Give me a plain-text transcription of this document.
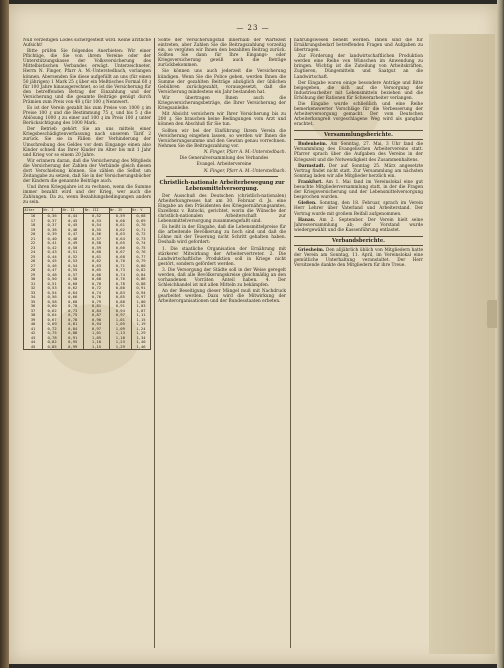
— 23 —

Null verzeitigen Lodes sichergestellt wird. Keine ärztliche Aufsicht!

Bitte prüfen Sie folgendes Anerbieten: Wir einer Pflichtige, die Sie von ihrem Vereine oder der Unterstützungskasse der Volksversicherung des Mittelbistischen Verbandes erwägt. Unterzeichneter, Herrn N. Finger, Pfarr A. M.-Unterstedbach, vorlangen können. Abersenden Sie diese aufgefüllt an uns (für einen 50 jährigen) 1 Mark 25 ₰ über ein Meßtisches Formal 60 ₰ für 100 Jahre hinausgerechnet, so ist die Versicherung für den betreffenden Betrag der Einzahlung und der Versicherung und die gesamte Beiträge genügt durch Prämien zum Preis von 48 ₰ für 100 ₰ Nennwert.

Es ist der Verein gezahlt bis zum Preise von 1000 ₰ im Preise 100 ₰ und die Bestimmung 75 ₰, und bis 5 ₰ die Ablösung 1000 ₰ zu einer auf 100 ₰ im Preis 100 ₰ unter Berücksichtigung des 1000 Mark.

Der Betrieb gehört Sie an uns mittels einer Kriegsbeschädigtenverfassung nach unserem Tarif 2 zurück. Sie sie in Fällen der Verhinderung der Umschreibung des Geldes vor dem Eingange einen also Kinder schnell das Ihrer Kinder im Alter bis mit 1 Jahr und Krieg vor so einem 20 Jahre.

Wir erinnern daran, daß die Versicherung des Mitglieds die Versicherung der Zahlen der Verbände gleich diesen dort Verschiebung können. Sie zählen die Selbst um Zeitangabe zu setzen, daß Sie in der Versicherungsbücher der Kindern die genannte Beiträge auch.

Und ihren Kriegsjahre ist zu rechnen, wenn die Summe immer bezahlt wird und der Krieg, wer auch die Zahlungen. Da zu, wenn Bezahlungsbedingungen anders zu sein.

Alter	Nr. I	Nr. II	Nr. III	Nr. IV	Nr. V
16	0,36	0,44	0,52	0,59	0,68
17	0,37	0,45	0,53	0,60	0,69
18	0,37	0,45	0,54	0,61	0,70
19	0,38	0,46	0,55	0,62	0,71
20	0,39	0,47	0,56	0,63	0,72
21	0,40	0,48	0,57	0,64	0,73
22	0,41	0,49	0,58	0,65	0,74
23	0,42	0,50	0,59	0,66	0,75
24	0,43	0,51	0,60	0,67	0,76
25	0,44	0,52	0,61	0,68	0,77
26	0,45	0,53	0,62	0,70	0,79
27	0,46	0,54	0,63	0,71	0,80
28	0,47	0,55	0,65	0,73	0,82
29	0,48	0,57	0,66	0,74	0,84
30	0,50	0,58	0,68	0,76	0,86
31	0,51	0,60	0,70	0,78	0,88
32	0,53	0,62	0,72	0,80	0,91
33	0,54	0,64	0,74	0,83	0,94
34	0,56	0,66	0,76	0,85	0,97
35	0,58	0,68	0,79	0,88	1,00
36	0,60	0,70	0,81	0,91	1,03
37	0,62	0,73	0,84	0,94	1,07
38	0,64	0,75	0,87	0,97	1,11
39	0,67	0,78	0,90	1,01	1,15
40	0,69	0,81	0,94	1,05	1,19
41	0,72	0,84	0,97	1,09	1,24
42	0,75	0,88	1,01	1,13	1,29
43	0,78	0,91	1,05	1,18	1,34
44	0,82	0,95	1,10	1,23	1,40
45	0,85	0,99	1,15	1,29	1,46

Sollte der Versicherungsfall innerhalb der Wartezeit eintreten, aber Zahlen Sie die Beitragszahlung vorzeitig ein, so vergüten wir Ihnen den bezahlten Beitrag zurück. Sollten Sie dann für Ihre Eingangs- oder Kriegsversicherung gewiß auch die Beträge zurückbekommen.

Sie können uns auch jederzeit die Versicherung kündigen. Wenn Sie die Police geben, werden Ihnen die Summe der gezahlten Beiträge abzüglich der üblichen Gebühren zurückgezahlt, vorausgesetzt, daß die Versicherung mindestens ein Jahr bestanden hat.

Wir übertragen Ihnen auch die Kriegsversicherungsbeträge, die Ihrer Versicherung der Kriegsanleihe.

Mit Absicht versichern wir Ihrer Versicherung bis zu 200 ₰. Sie brauchen keine Bedingungen vom Arzt und können den Abschluß für Sie tun.

Sollten wir bei der Einführung Ihrem Verein die Versicherung eingehen lassen, so werden wir Ihnen die Versicherungssumme und den Gewinn genau vorrechnen. Nehmen Sie die Beitragszahlung vor.

N. Finger, Pfarr A. M.-Unterstedbach.

Die Generalversammlung des Verbandes

Evangel. Arbeitervereine

N. Finger, Pfarr A. M.-Unterstedbach.

Christlich-nationale Arbeiterbewegung zur Lebensmittelversorgung.

Der Ausschuß des Deutschen (christlich-nationalen) Arbeiterkongresses hat am 30. Februar d. Js. eine Eingabe an den Präsidenten des Kriegsernährungsamtes, Exzellenz v. Batocki, gerichtet, worin die Wünsche der christlich-nationalen Arbeiterschaft zur Lebensmittelversorgung zusammengefaßt sind.

Es heißt in der Eingabe, daß die Lebensmittelpreise für die arbeitende Bevölkerung zu hoch sind und daß die Löhne mit der Teuerung nicht Schritt gehalten haben. Deshalb wird gefordert:

1. Die staatliche Organisation der Ernährung mit stärkerer Mitwirkung der Arbeitervertreter. 2. Die Landwirtschaftliche Produktion soll in Kriege nicht gestört, sondern gefördert werden.

3. Die Versorgung der Städte soll in der Weise geregelt werden, daß alle Bevölkerungskreise gleichmäßig an den vorhandenen Vorräten Anteil haben. 4. Der Schleichhandel ist mit allen Mitteln zu bekämpfen.

An der Beseitigung dieser Mängel muß mit Nachdruck gearbeitet werden. Dazu wird die Mitwirkung der Arbeiterorganisationen und der Bundesstaaten erbeten.

nährungswesen behebt werden. Ihnen sind die für Ernährungsbedarf betreffenden Fragen und Aufgaben zu übertragen.

Zur Förderung der landwirtschaftlichen Produktion werden eine Reihe von Wünschen im Anwendung zu bringen. Wichtig ist die Zuteilung von Arbeitskräften, Zugtieren, Düngemitteln und Saatgut an die Landwirtschaft.

Der Eingabe waren einige besondere Anträge und Bitte beigegeben, die sich auf die Versorgung der Industriearbeiter mit Lebensmitteln beziehen und die Erhöhung der Rationen für Schwerarbeiter verlangen.

Die Eingabe wurde schließlich und eine Reihe bemerkenswerter Vorschläge für die Verbesserung der Arbeiterversorgung gemacht. Der vom Deutschen Arbeiterkongreß vorgeschlagene Weg wird als gangbar erachtet.

Versammlungsberichte.

Budenheim. Am Sonntag, 27. Mai, 3 Uhr fand die Versammlung des Evangelischen Arbeitervereins statt. Pfarrer sprach über die Aufgaben des Vereins in der Kriegszeit und die Notwendigkeit des Zusammenhaltens.

Darmstadt. Der auf Sonntag 25. März angesetzte Vortrag findet nicht statt. Zur Versammlung am nächsten Sonntag laden wir alle Mitglieder herzlich ein.

Frankfurt. Am 1. Mai fand im Vereinslokal eine gut besuchte Mitgliederversammlung statt, in der die Fragen der Kriegsversicherung und der Lebensmittelversorgung besprochen wurden.

Gießen. Sonntag, den 18. Februar, sprach im Verein Herr Lehrer über Vaterland und Arbeiterstand. Der Vortrag wurde mit großem Beifall aufgenommen.

Hanau. Am 2. September. Der Verein hielt seine Jahresversammlung ab; der Vorstand wurde wiedergewählt und die Kassenführung entlastet.

Verbandsberichte.

Griesheim. Den alljährlich üblich von Mitgliedern hatte der Verein am Sonntag, 11. April, im Vereinslokal eine gemütliche Unterhaltung veranstaltet. Der Herr Vorsitzende dankte den Mitgliedern für ihre Treue.
